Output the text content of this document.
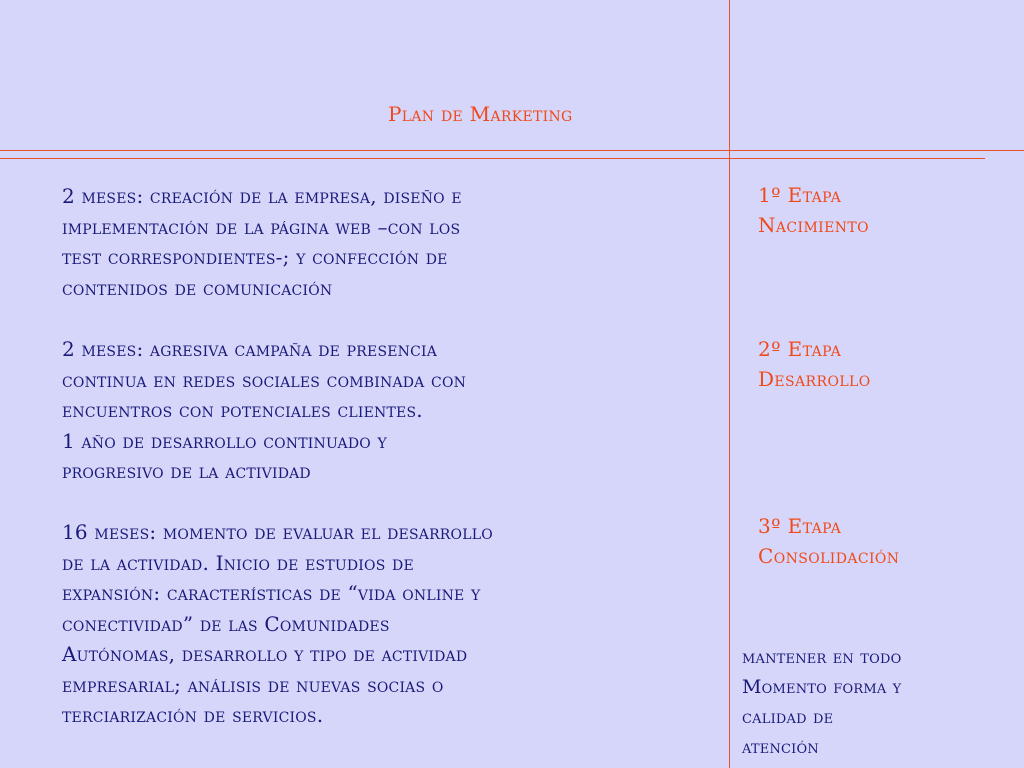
Plan de Marketing

2 meses: creación de la empresa, diseño e

implementación de la página web –con los

test correspondientes-; y confección de

contenidos de comunicación

2 meses: agresiva campaña de presencia

continua en redes sociales combinada con

encuentros con potenciales clientes.

1 año de desarrollo continuado y

progresivo de la actividad

16 meses: momento de evaluar el desarrollo

de la actividad. Inicio de estudios de

expansión: características de “vida online y

conectividad” de las Comunidades

Autónomas, desarrollo y tipo de actividad

empresarial; análisis de nuevas socias o

terciarización de servicios.

1º Etapa
Nacimiento
2º Etapa
Desarrollo
3º Etapa
Consolidación
mantener en todo
Momento forma y
calidad de
atención
